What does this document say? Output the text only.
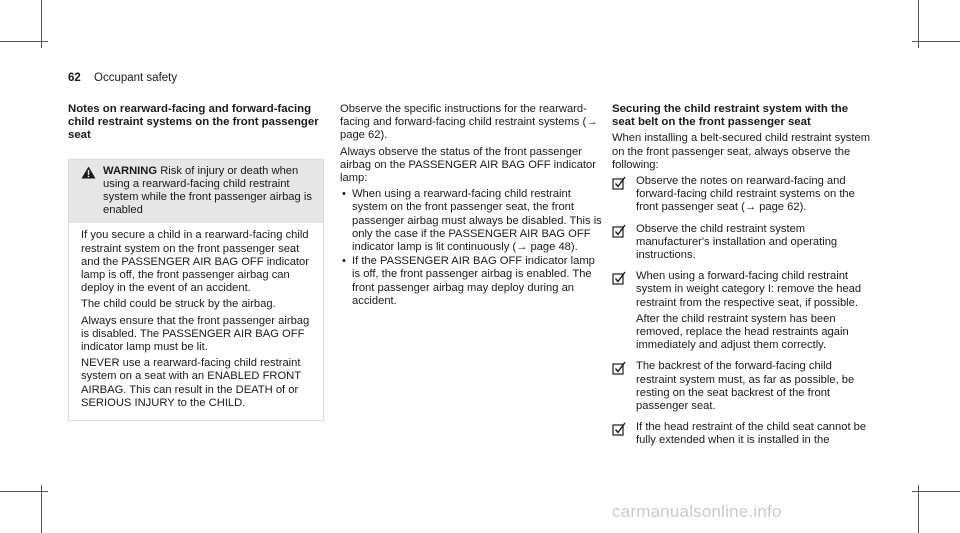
62 Occupant safety
Notes on rearward-facing and forward-facing child restraint systems on the front passenger seat
WARNING Risk of injury or death when using a rearward-facing child restraint system while the front passenger airbag is enabled

If you secure a child in a rearward-facing child restraint system on the front passenger seat and the PASSENGER AIR BAG OFF indicator lamp is off, the front passenger airbag can deploy in the event of an accident.

The child could be struck by the airbag.

Always ensure that the front passenger airbag is disabled. The PASSENGER AIR BAG OFF indicator lamp must be lit.

NEVER use a rearward-facing child restraint system on a seat with an ENABLED FRONT AIRBAG. This can result in the DEATH of or SERIOUS INJURY to the CHILD.

Observe the specific instructions for the rearward-facing and forward-facing child restraint systems (→ page 62).

Always observe the status of the front passenger airbag on the PASSENGER AIR BAG OFF indicator lamp:

• When using a rearward-facing child restraint system on the front passenger seat, the front passenger airbag must always be disabled. This is only the case if the PASSENGER AIR BAG OFF indicator lamp is lit continuously (→ page 48).
• If the PASSENGER AIR BAG OFF indicator lamp is off, the front passenger airbag is enabled. The front passenger airbag may deploy during an accident.
Securing the child restraint system with the seat belt on the front passenger seat

When installing a belt-secured child restraint system on the front passenger seat, always observe the following:

Observe the notes on rearward-facing and forward-facing child restraint systems on the front passenger seat (→ page 62).

Observe the child restraint system manufacturer's installation and operating instructions.

When using a forward-facing child restraint system in weight category I: remove the head restraint from the respective seat, if possible.

After the child restraint system has been removed, replace the head restraints again immediately and adjust them correctly.

The backrest of the forward-facing child restraint system must, as far as possible, be resting on the seat backrest of the front passenger seat.

If the head restraint of the child seat cannot be fully extended when it is installed in the

carmanualsonline.info
